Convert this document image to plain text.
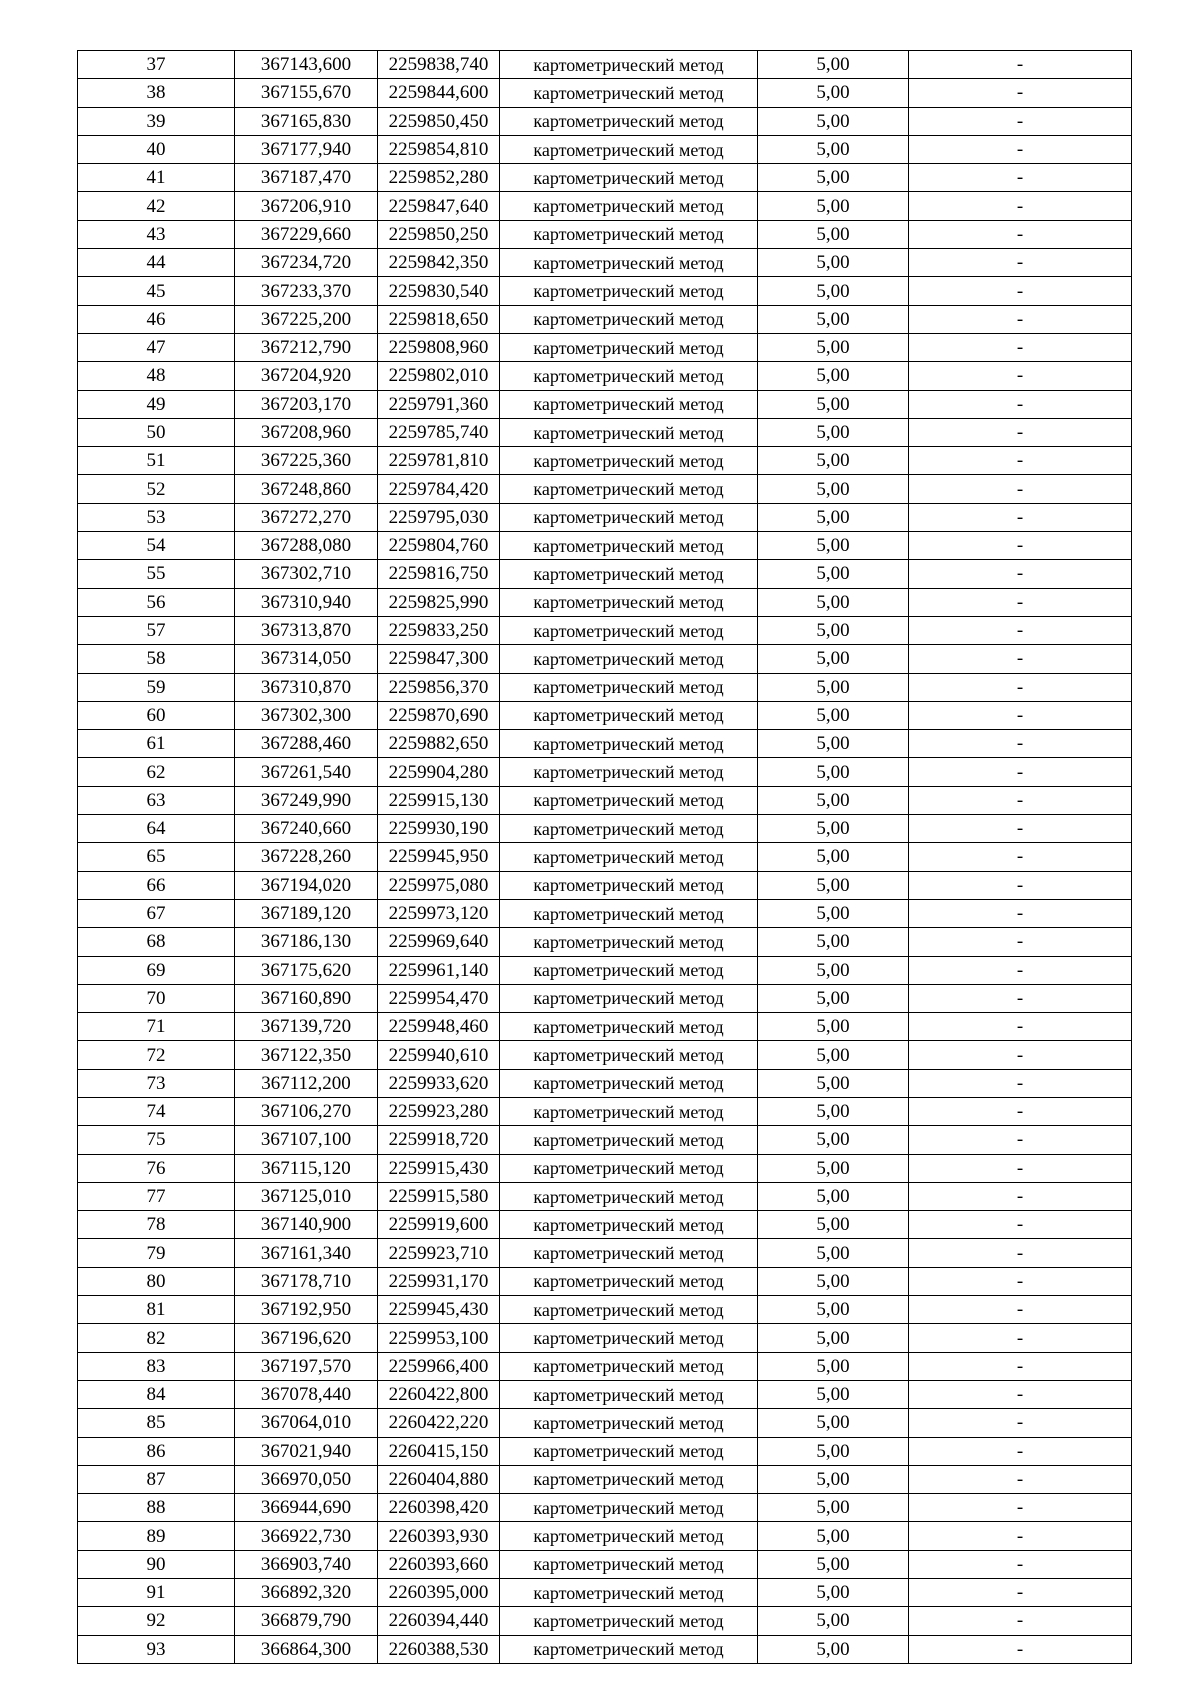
37	367143,600	2259838,740	картометрический метод	5,00	-
38	367155,670	2259844,600	картометрический метод	5,00	-
39	367165,830	2259850,450	картометрический метод	5,00	-
40	367177,940	2259854,810	картометрический метод	5,00	-
41	367187,470	2259852,280	картометрический метод	5,00	-
42	367206,910	2259847,640	картометрический метод	5,00	-
43	367229,660	2259850,250	картометрический метод	5,00	-
44	367234,720	2259842,350	картометрический метод	5,00	-
45	367233,370	2259830,540	картометрический метод	5,00	-
46	367225,200	2259818,650	картометрический метод	5,00	-
47	367212,790	2259808,960	картометрический метод	5,00	-
48	367204,920	2259802,010	картометрический метод	5,00	-
49	367203,170	2259791,360	картометрический метод	5,00	-
50	367208,960	2259785,740	картометрический метод	5,00	-
51	367225,360	2259781,810	картометрический метод	5,00	-
52	367248,860	2259784,420	картометрический метод	5,00	-
53	367272,270	2259795,030	картометрический метод	5,00	-
54	367288,080	2259804,760	картометрический метод	5,00	-
55	367302,710	2259816,750	картометрический метод	5,00	-
56	367310,940	2259825,990	картометрический метод	5,00	-
57	367313,870	2259833,250	картометрический метод	5,00	-
58	367314,050	2259847,300	картометрический метод	5,00	-
59	367310,870	2259856,370	картометрический метод	5,00	-
60	367302,300	2259870,690	картометрический метод	5,00	-
61	367288,460	2259882,650	картометрический метод	5,00	-
62	367261,540	2259904,280	картометрический метод	5,00	-
63	367249,990	2259915,130	картометрический метод	5,00	-
64	367240,660	2259930,190	картометрический метод	5,00	-
65	367228,260	2259945,950	картометрический метод	5,00	-
66	367194,020	2259975,080	картометрический метод	5,00	-
67	367189,120	2259973,120	картометрический метод	5,00	-
68	367186,130	2259969,640	картометрический метод	5,00	-
69	367175,620	2259961,140	картометрический метод	5,00	-
70	367160,890	2259954,470	картометрический метод	5,00	-
71	367139,720	2259948,460	картометрический метод	5,00	-
72	367122,350	2259940,610	картометрический метод	5,00	-
73	367112,200	2259933,620	картометрический метод	5,00	-
74	367106,270	2259923,280	картометрический метод	5,00	-
75	367107,100	2259918,720	картометрический метод	5,00	-
76	367115,120	2259915,430	картометрический метод	5,00	-
77	367125,010	2259915,580	картометрический метод	5,00	-
78	367140,900	2259919,600	картометрический метод	5,00	-
79	367161,340	2259923,710	картометрический метод	5,00	-
80	367178,710	2259931,170	картометрический метод	5,00	-
81	367192,950	2259945,430	картометрический метод	5,00	-
82	367196,620	2259953,100	картометрический метод	5,00	-
83	367197,570	2259966,400	картометрический метод	5,00	-
84	367078,440	2260422,800	картометрический метод	5,00	-
85	367064,010	2260422,220	картометрический метод	5,00	-
86	367021,940	2260415,150	картометрический метод	5,00	-
87	366970,050	2260404,880	картометрический метод	5,00	-
88	366944,690	2260398,420	картометрический метод	5,00	-
89	366922,730	2260393,930	картометрический метод	5,00	-
90	366903,740	2260393,660	картометрический метод	5,00	-
91	366892,320	2260395,000	картометрический метод	5,00	-
92	366879,790	2260394,440	картометрический метод	5,00	-
93	366864,300	2260388,530	картометрический метод	5,00	-
